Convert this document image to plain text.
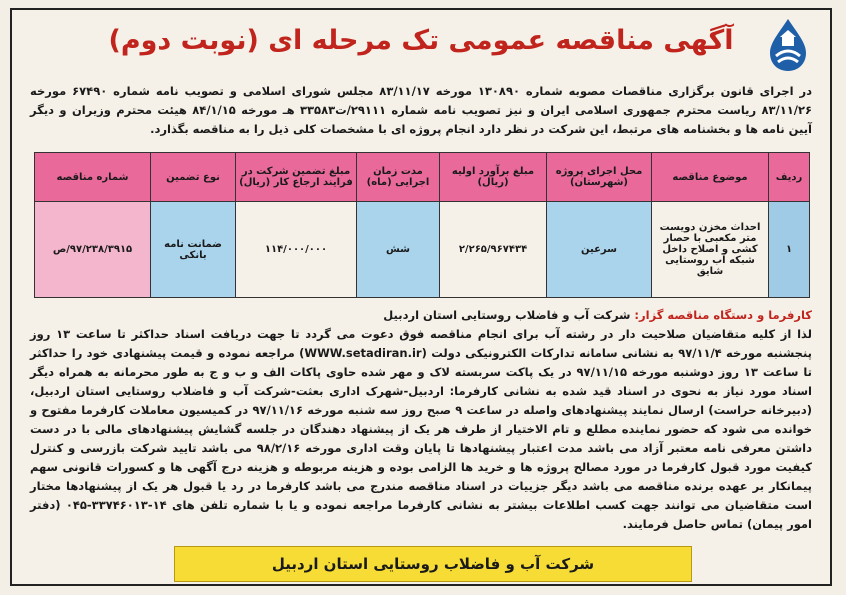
آگهی مناقصه عمومی تک مرحله ای (نوبت دوم)
در اجرای قانون برگزاری مناقصات مصوبه شماره ۱۳۰۸۹۰ مورخه ۸۳/۱۱/۱۷ مجلس شورای اسلامی و تصویب نامه شماره ۶۷۴۹۰ مورخه ۸۳/۱۱/۲۶ ریاست محترم جمهوری اسلامی ایران و نیز تصویب نامه شماره ۲۹۱۱۱/ت۳۳۵۸۳ هـ مورخه ۸۴/۱/۱۵ هیئت محترم وزیران و دیگر آیین نامه ها و بخشنامه های مرتبط، این شرکت در نظر دارد انجام پروژه ای با مشخصات کلی ذیل را به مناقصه بگذارد.
ردیف	موضوع مناقصه	محل اجرای پروژه (شهرستان)	مبلغ برآورد اولیه (ریال)	مدت زمان اجرایی (ماه)	مبلغ تضمین شرکت در فرایند ارجاع کار (ریال)	نوع تضمین	شماره مناقصه
۱	احداث مخزن دویست متر مکعبی با حصار کشی و اصلاح داخل شبکه آب روستایی شایق	سرعین	۲/۲۶۵/۹۶۷۴۳۴	شش	۱۱۴/۰۰۰/۰۰۰	ضمانت نامه بانکی	۹۷/۲۳۸/۳۹۱۵/ص
کارفرما و دستگاه مناقصه گزار: شرکت آب و فاضلاب روستایی استان اردبیل
لذا از کلیه متقاضیان صلاحیت دار در رشته آب برای انجام مناقصه فوق دعوت می گردد تا جهت دریافت اسناد حداکثر تا ساعت ۱۳ روز پنجشنبه مورخه ۹۷/۱۱/۴ به نشانی سامانه تدارکات الکترونیکی دولت (WWW.setadiran.ir) مراجعه نموده و قیمت پیشنهادی خود را حداکثر تا ساعت ۱۳ روز دوشنبه مورخه ۹۷/۱۱/۱۵ در یک پاکت سربسته لاک و مهر شده حاوی پاکات الف و ب و ج به طور محرمانه به همراه دیگر اسناد مورد نیاز به نحوی در اسناد قید شده به نشانی کارفرما: اردبیل-شهرک اداری بعثت-شرکت آب و فاضلاب روستایی استان اردبیل، (دبیرخانه حراست) ارسال نمایند پیشنهادهای واصله در ساعت ۹ صبح روز سه شنبه مورخه ۹۷/۱۱/۱۶ در کمیسیون معاملات کارفرما مفتوح و خوانده می شود که حضور نماینده مطلع و تام الاختیار از طرف هر یک از پیشنهاد دهندگان در جلسه گشایش پیشنهادهای مالی با در دست داشتن معرفی نامه معتبر آزاد می باشد مدت اعتبار پیشنهادها تا پایان وقت اداری مورخه ۹۸/۲/۱۶ می باشد تایید شرکت بازرسی و کنترل کیفیت مورد قبول کارفرما در مورد مصالح پروژه ها و خرید ها الزامی بوده و هزینه مربوطه و هزینه درج آگهی ها و کسورات قانونی سهم پیمانکار بر عهده برنده مناقصه می باشد دیگر جزییات در اسناد مناقصه مندرج می باشد کارفرما در رد یا قبول هر یک از پیشنهادها مختار است متقاضیان می توانند جهت کسب اطلاعات بیشتر به نشانی کارفرما مراجعه نموده و یا با شماره تلفن های ۱۴-۳۳۷۴۶۰۱۳-۰۴۵ (دفتر امور پیمان) تماس حاصل فرمایند.
شرکت آب و فاضلاب روستایی استان اردبیل
